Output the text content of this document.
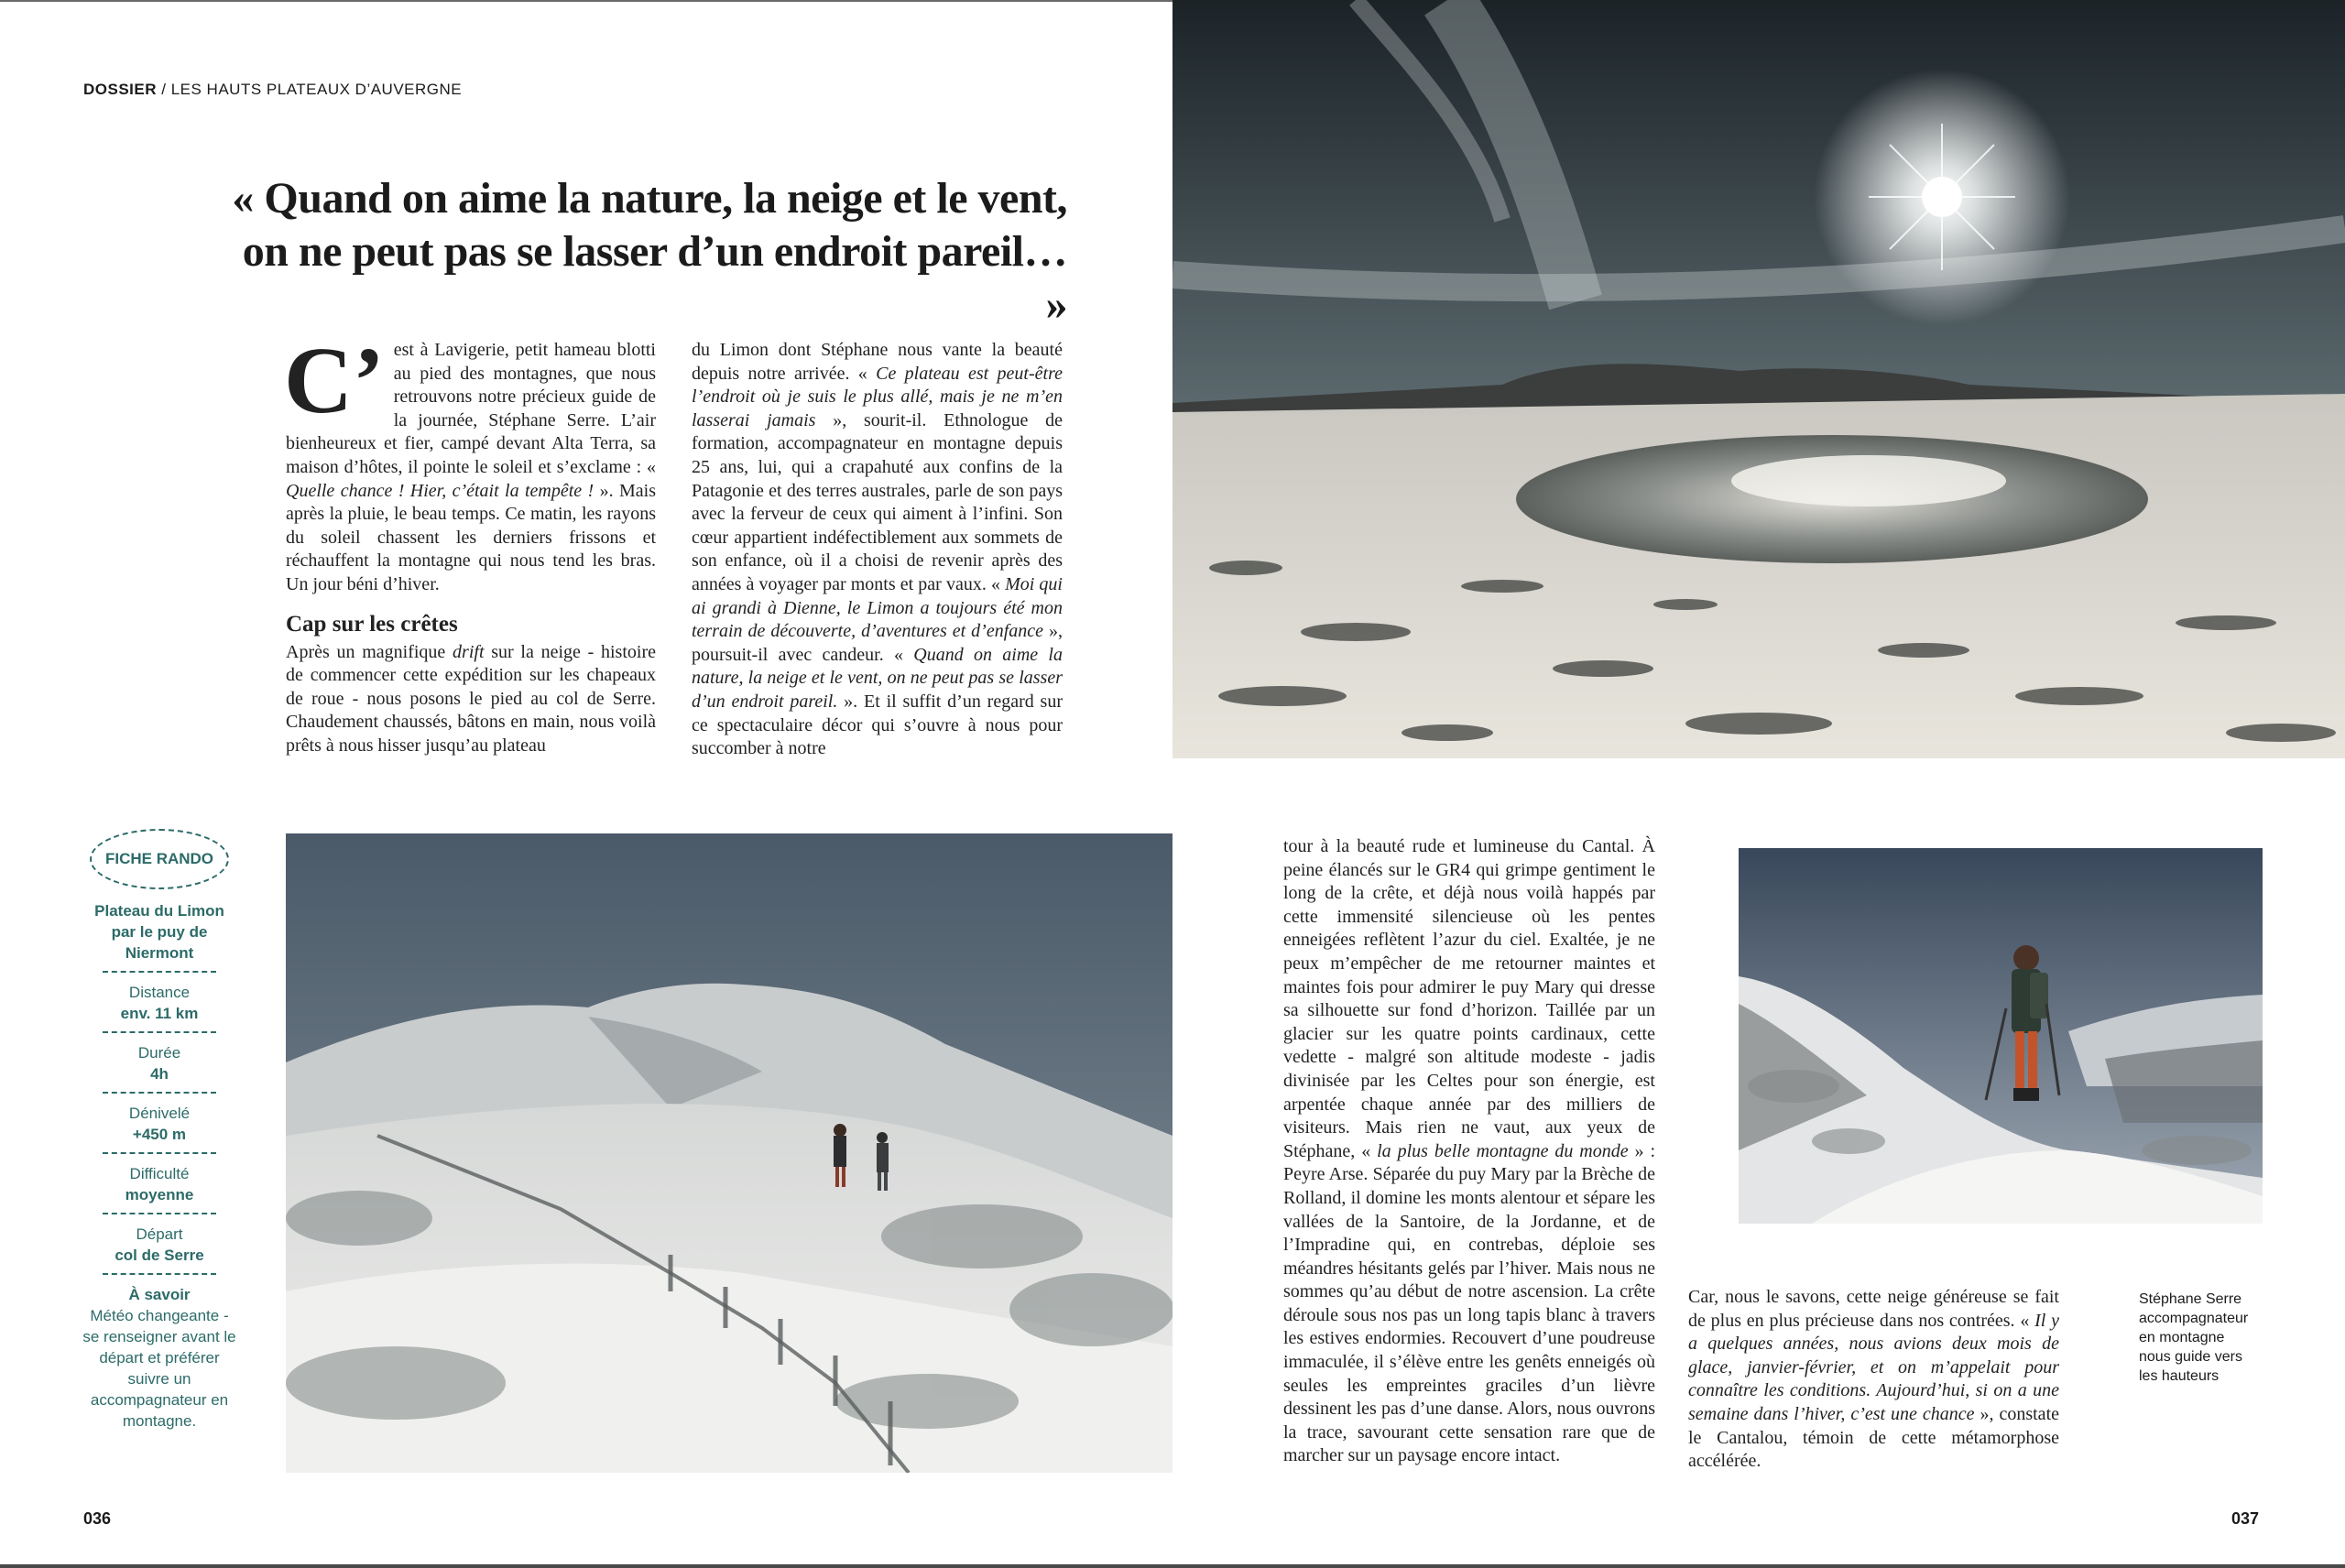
DOSSIER / LES HAUTS PLATEAUX D’AUVERGNE
« Quand on aime la nature, la neige et le vent,
on ne peut pas se lasser d’un endroit pareil… »

C’ est à Lavigerie, petit hameau blotti au pied des montagnes, que nous retrouvons notre précieux guide de la journée, Stéphane Serre. L’air bienheureux et fier, campé devant Alta Terra, sa maison d’hôtes, il pointe le soleil et s’exclame : « Quelle chance ! Hier, c’était la tempête ! ». Mais après la pluie, le beau temps. Ce matin, les rayons du soleil chassent les derniers frissons et réchauffent la montagne qui nous tend les bras. Un jour béni d’hiver.

Cap sur les crêtes

Après un magnifique drift sur la neige - histoire de commencer cette expédition sur les chapeaux de roue - nous posons le pied au col de Serre. Chaudement chaussés, bâtons en main, nous voilà prêts à nous hisser jusqu’au plateau

du Limon dont Stéphane nous vante la beauté depuis notre arrivée. « Ce plateau est peut-être l’endroit où je suis le plus allé, mais je ne m’en lasserai jamais », sourit-il. Ethnologue de formation, accompagnateur en montagne depuis 25 ans, lui, qui a crapahuté aux confins de la Patagonie et des terres australes, parle de son pays avec la ferveur de ceux qui aiment à l’infini. Son cœur appartient indéfectiblement aux sommets de son enfance, où il a choisi de revenir après des années à voyager par monts et par vaux. « Moi qui ai grandi à Dienne, le Limon a toujours été mon terrain de découverte, d’aventures et d’enfance », poursuit-il avec candeur. « Quand on aime la nature, la neige et le vent, on ne peut pas se lasser d’un endroit pareil. ». Et il suffit d’un regard sur ce spectaculaire décor qui s’ouvre à nous pour succomber à notre

FICHE RANDO
Plateau du Limon
par le puy de
Niermont
Distance
env. 11 km
Durée
4h
Dénivelé
+450 m
Difficulté
moyenne
Départ
col de Serre
À savoir
Météo changeante - se renseigner avant le départ et préférer suivre un accompagnateur en montagne.

tour à la beauté rude et lumineuse du Cantal. À peine élancés sur le GR4 qui grimpe gentiment le long de la crête, et déjà nous voilà happés par cette immensité silencieuse où les pentes enneigées reflètent l’azur du ciel. Exaltée, je ne peux m’empêcher de me retourner maintes et maintes fois pour admirer le puy Mary qui dresse sa silhouette sur fond d’horizon. Taillée par un glacier sur les quatre points cardinaux, cette vedette - malgré son altitude modeste - jadis divinisée par les Celtes pour son énergie, est arpentée chaque année par des milliers de visiteurs. Mais rien ne vaut, aux yeux de Stéphane, « la plus belle montagne du monde » : Peyre Arse. Séparée du puy Mary par la Brèche de Rolland, il domine les monts alentour et sépare les vallées de la Santoire, de la Jordanne, et de l’Impradine qui, en contrebas, déploie ses méandres hésitants gelés par l’hiver. Mais nous ne sommes qu’au début de notre ascension. La crête déroule sous nos pas un long tapis blanc à travers les estives endormies. Recouvert d’une poudreuse immaculée, il s’élève entre les genêts enneigés où seules les empreintes graciles d’un lièvre dessinent les pas d’une danse. Alors, nous ouvrons la trace, savourant cette sensation rare que de marcher sur un paysage encore intact.

Car, nous le savons, cette neige généreuse se fait de plus en plus précieuse dans nos contrées. « Il y a quelques années, nous avions deux mois de glace, janvier-février, et on m’appelait pour connaître les conditions. Aujourd’hui, si on a une semaine dans l’hiver, c’est une chance », constate le Cantalou, témoin de cette métamorphose accélérée.

Stéphane Serre
accompagnateur
en montagne
nous guide vers
les hauteurs
036	037
